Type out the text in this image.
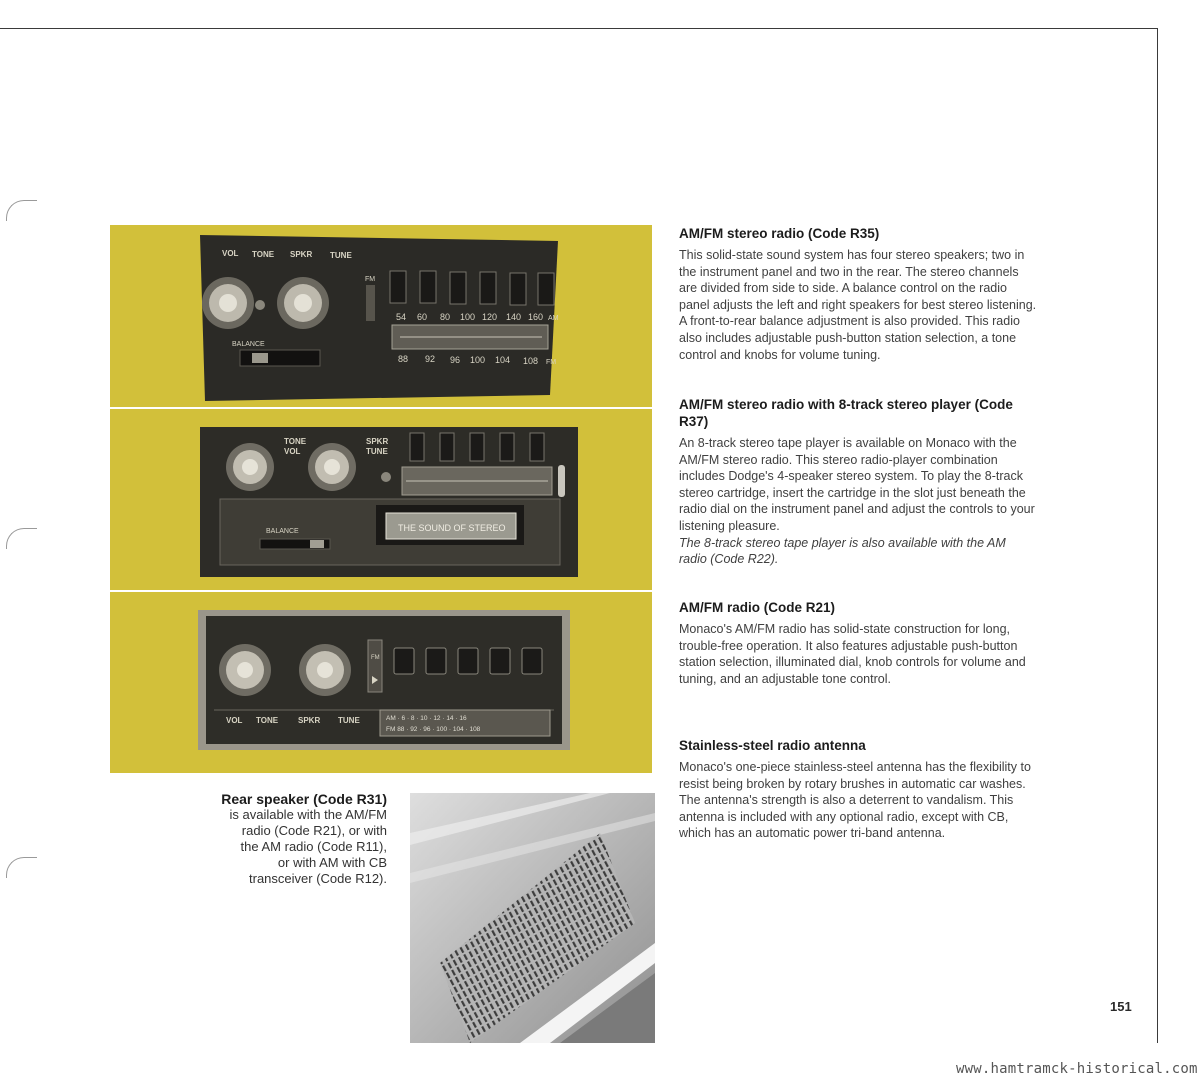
VOL TONE SPKR TUNE
BALANCE
FM
54 60 80 100 120 140 160 AM
88 92 96 100 104 108 FM
TONE
VOL
SPKR
TUNE
BALANCE	THE SOUND OF STEREO
FM
VOL TONE SPKR TUNE	AM · 6 · 8 · 10 · 12 · 14 · 16
FM 88 · 92 · 96 · 100 · 104 · 108
Rear speaker (Code R31)
is available with the AM/FM
radio (Code R21), or with
the AM radio (Code R11),
or with AM with CB
transceiver (Code R12).
AM/FM stereo radio (Code R35)

This solid-state sound system has four stereo speakers; two in the instrument panel and two in the rear. The stereo channels are divided from side to side. A balance control on the radio panel adjusts the left and right speakers for best stereo listening. A front-to-rear balance adjustment is also provided. This radio also includes adjustable push-button station selection, a tone control and knobs for volume tuning.

AM/FM stereo radio with 8-track stereo player (Code R37)

An 8-track stereo tape player is available on Monaco with the AM/FM stereo radio. This stereo radio-player combination includes Dodge's 4-speaker stereo system. To play the 8-track stereo cartridge, insert the cartridge in the slot just beneath the radio dial on the instrument panel and adjust the controls to your listening pleasure.

The 8-track stereo tape player is also available with the AM radio (Code R22).

AM/FM radio (Code R21)

Monaco's AM/FM radio has solid-state construction for long, trouble-free operation. It also features adjustable push-button station selection, illuminated dial, knob controls for volume and tuning, and an adjustable tone control.

Stainless-steel radio antenna

Monaco's one-piece stainless-steel antenna has the flexibility to resist being broken by rotary brushes in automatic car washes. The antenna's strength is also a deterrent to vandalism. This antenna is included with any optional radio, except with CB, which has an automatic power tri-band antenna.

151
www.hamtramck-historical.com
